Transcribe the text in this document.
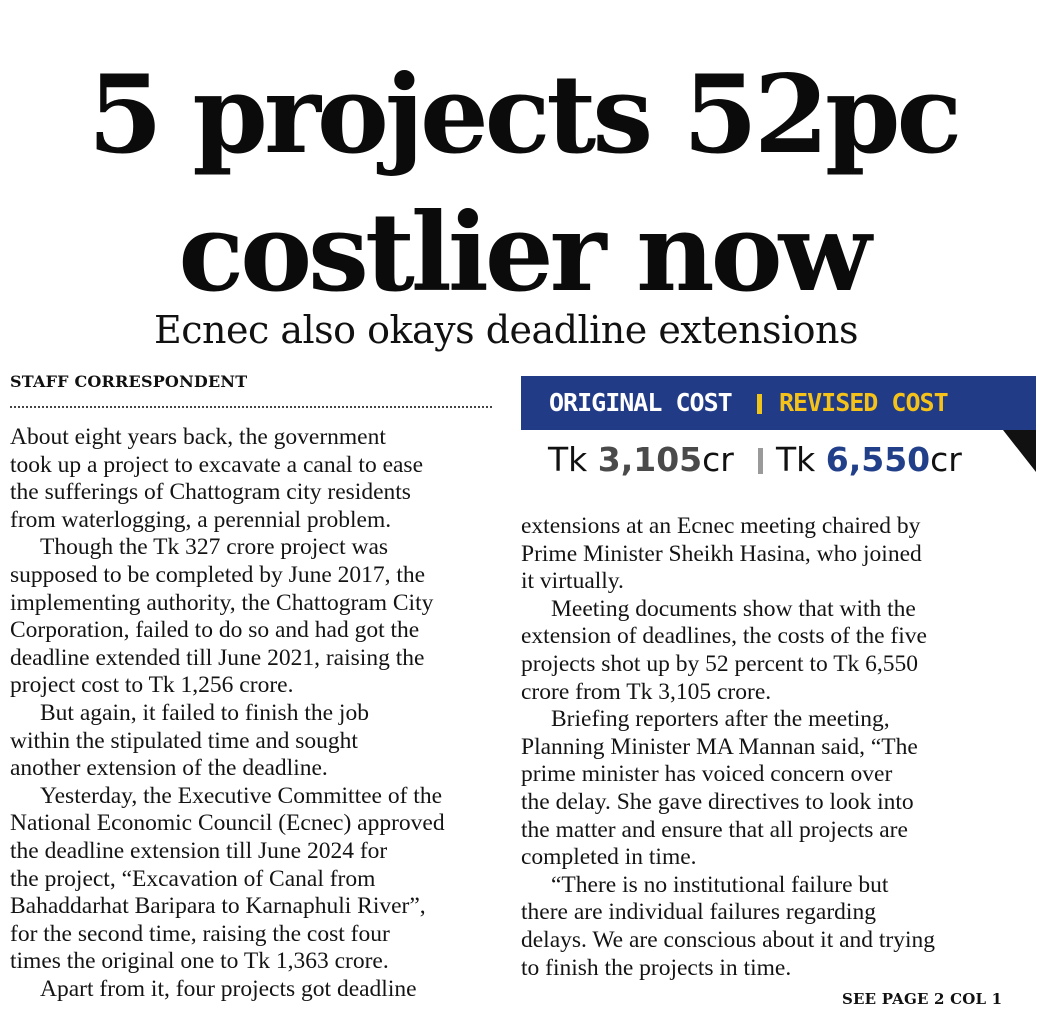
5 projects 52pc
costlier now
Ecnec also okays deadline extensions
STAFF CORRESPONDENT

About eight years back, the government

took up a project to excavate a canal to ease

the sufferings of Chattogram city residents

from waterlogging, a perennial problem.

Though the Tk 327 crore project was

supposed to be completed by June 2017, the

implementing authority, the Chattogram City

Corporation, failed to do so and had got the

deadline extended till June 2021, raising the

project cost to Tk 1,256 crore.

But again, it failed to finish the job

within the stipulated time and sought

another extension of the deadline.

Yesterday, the Executive Committee of the

National Economic Council (Ecnec) approved

the deadline extension till June 2024 for

the project, “Excavation of Canal from

Bahaddarhat Baripara to Karnaphuli River”,

for the second time, raising the cost four

times the original one to Tk 1,363 crore.

Apart from it, four projects got deadline

ORIGINAL COST REVISED COST
Tk 3,105cr Tk 6,550cr

extensions at an Ecnec meeting chaired by

Prime Minister Sheikh Hasina, who joined

it virtually.

Meeting documents show that with the

extension of deadlines, the costs of the five

projects shot up by 52 percent to Tk 6,550

crore from Tk 3,105 crore.

Briefing reporters after the meeting,

Planning Minister MA Mannan said, “The

prime minister has voiced concern over

the delay. She gave directives to look into

the matter and ensure that all projects are

completed in time.

“There is no institutional failure but

there are individual failures regarding

delays. We are conscious about it and trying

to finish the projects in time.

SEE PAGE 2 COL 1
